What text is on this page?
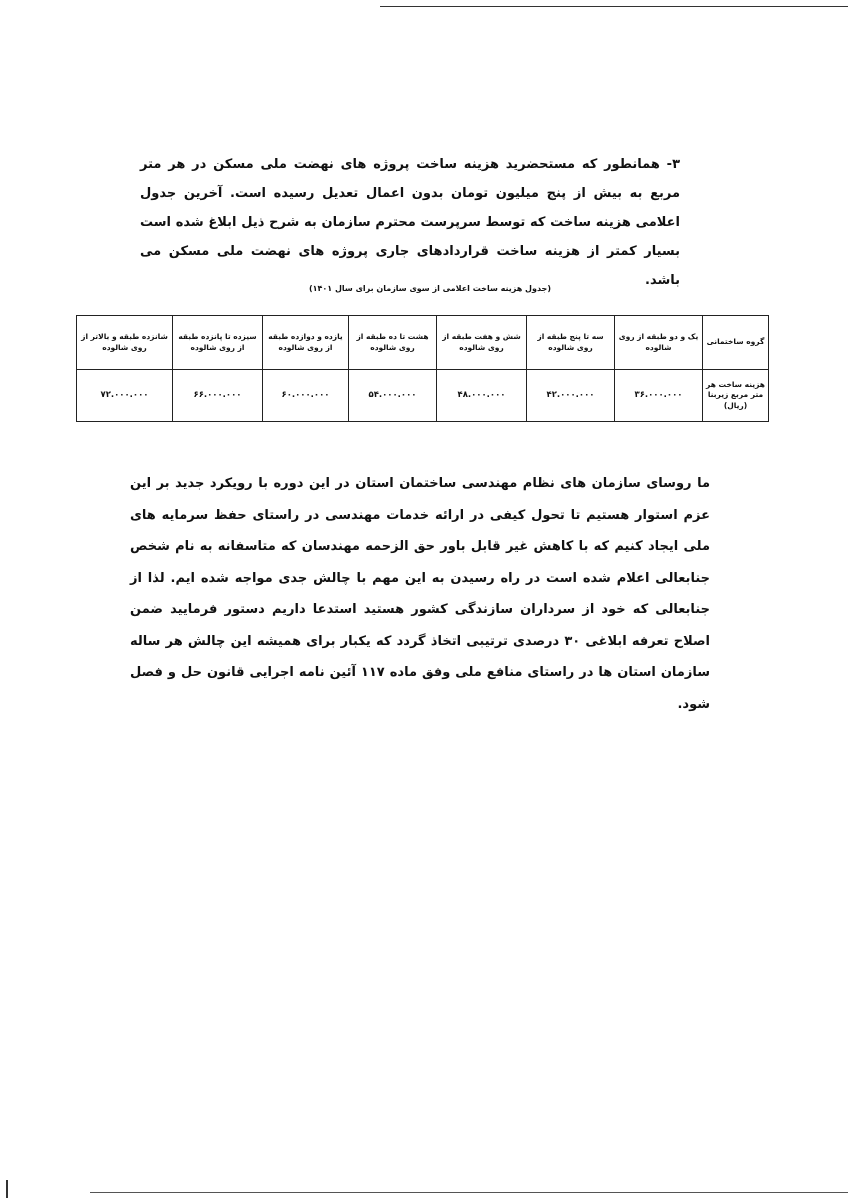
۳- همانطور که مستحضرید هزینه ساخت پروژه های نهضت ملی مسکن در هر متر مربع به بیش از پنج میلیون تومان بدون اعمال تعدیل رسیده است. آخرین جدول اعلامی هزینه ساخت که توسط سرپرست محترم سازمان به شرح ذیل ابلاغ شده است بسیار کمتر از هزینه ساخت قراردادهای جاری پروژه های نهضت ملی مسکن می باشد.

(جدول هزینه ساخت اعلامی از سوی سازمان برای سال ۱۴۰۱)
گروه ساختمانی	یک و دو طبقه از روی شالوده	سه تا پنج طبقه از روی شالوده	شش و هفت طبقه از روی شالوده	هشت تا ده طبقه از روی شالوده	یازده و دوازده طبقه از روی شالوده	سیزده تا پانزده طبقه از روی شالوده	شانزده طبقه و بالاتر از روی شالوده
هزینه ساخت هر متر مربع زیربنا (ریال)	۳۶.۰۰۰.۰۰۰	۴۲.۰۰۰.۰۰۰	۴۸.۰۰۰.۰۰۰	۵۴.۰۰۰.۰۰۰	۶۰.۰۰۰.۰۰۰	۶۶.۰۰۰.۰۰۰	۷۲.۰۰۰.۰۰۰

ما روسای سازمان های نظام مهندسی ساختمان استان در این دوره با رویکرد جدید بر این عزم استوار هستیم تا تحول کیفی در ارائه خدمات مهندسی در راستای حفظ سرمایه های ملی ایجاد کنیم که با کاهش غیر قابل باور حق الزحمه مهندسان که متاسفانه به نام شخص جنابعالی اعلام شده است در راه رسیدن به این مهم با چالش جدی مواجه شده ایم. لذا از جنابعالی که خود از سرداران سازندگی کشور هستید استدعا داریم دستور فرمایید ضمن اصلاح تعرفه ابلاغی ۳۰ درصدی ترتیبی اتخاذ گردد که یکبار برای همیشه این چالش هر ساله سازمان استان ها در راستای منافع ملی وفق ماده ۱۱۷ آئین نامه اجرایی قانون حل و فصل شود.
